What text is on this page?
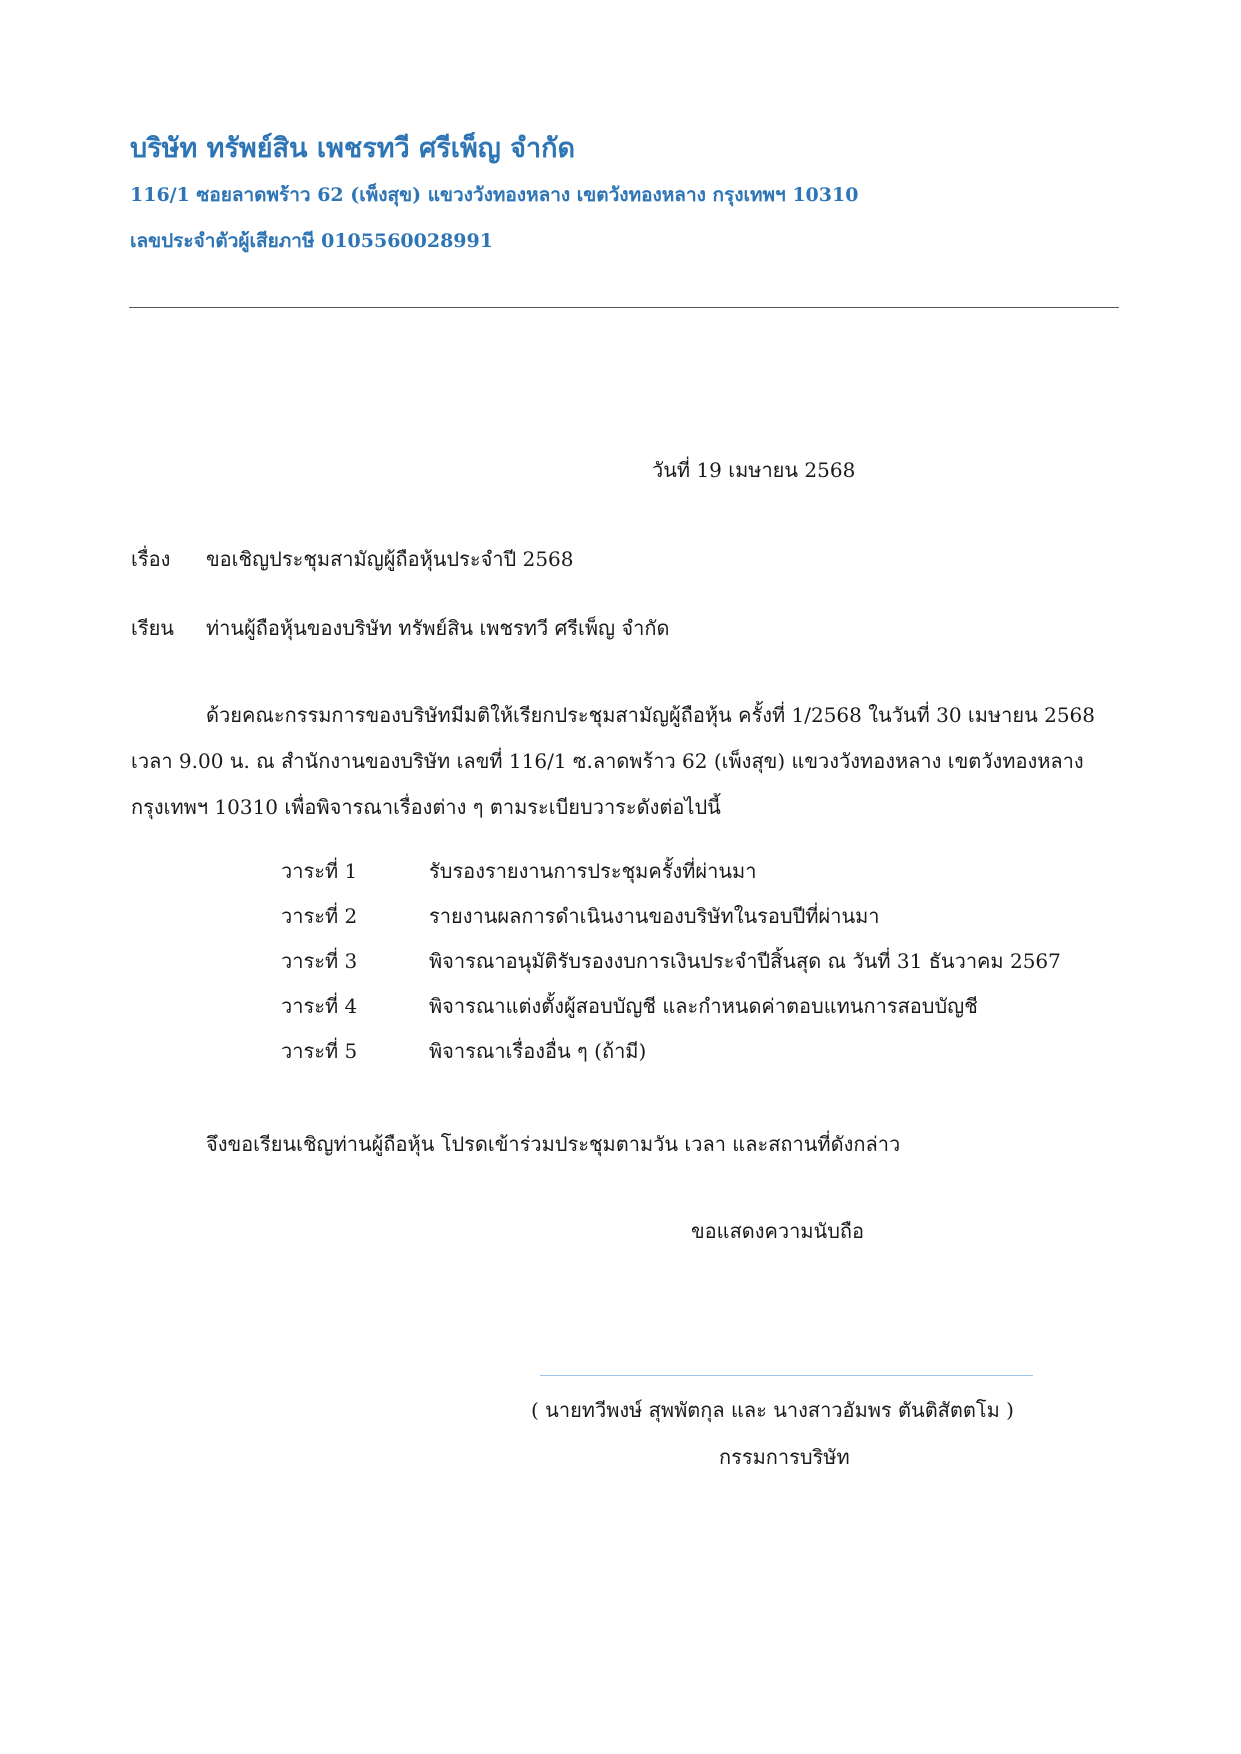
บริษัท ทรัพย์สิน เพชรทวี ศรีเพ็ญ จำกัด
116/1 ซอยลาดพร้าว 62 (เพ็งสุข) แขวงวังทองหลาง เขตวังทองหลาง กรุงเทพฯ 10310
เลขประจำตัวผู้เสียภาษี 0105560028991
วันที่ 19 เมษายน 2568
เรื่อง ขอเชิญประชุมสามัญผู้ถือหุ้นประจำปี 2568
เรียน ท่านผู้ถือหุ้นของบริษัท ทรัพย์สิน เพชรทวี ศรีเพ็ญ จำกัด
ด้วยคณะกรรมการของบริษัทมีมติให้เรียกประชุมสามัญผู้ถือหุ้น ครั้งที่ 1/2568 ในวันที่ 30 เมษายน 2568
เวลา 9.00 น. ณ สำนักงานของบริษัท เลขที่ 116/1 ซ.ลาดพร้าว 62 (เพ็งสุข) แขวงวังทองหลาง เขตวังทองหลาง
กรุงเทพฯ 10310 เพื่อพิจารณาเรื่องต่าง ๆ ตามระเบียบวาระดังต่อไปนี้
วาระที่ 1	รับรองรายงานการประชุมครั้งที่ผ่านมา
วาระที่ 2	รายงานผลการดำเนินงานของบริษัทในรอบปีที่ผ่านมา
วาระที่ 3	พิจารณาอนุมัติรับรองงบการเงินประจำปีสิ้นสุด ณ วันที่ 31 ธันวาคม 2567
วาระที่ 4	พิจารณาแต่งตั้งผู้สอบบัญชี และกำหนดค่าตอบแทนการสอบบัญชี
วาระที่ 5	พิจารณาเรื่องอื่น ๆ (ถ้ามี)
จึงขอเรียนเชิญท่านผู้ถือหุ้น โปรดเข้าร่วมประชุมตามวัน เวลา และสถานที่ดังกล่าว
ขอแสดงความนับถือ
( นายทวีพงษ์ สุพพัตกุล และ นางสาวอัมพร ตันติสัตตโม )
กรรมการบริษัท
